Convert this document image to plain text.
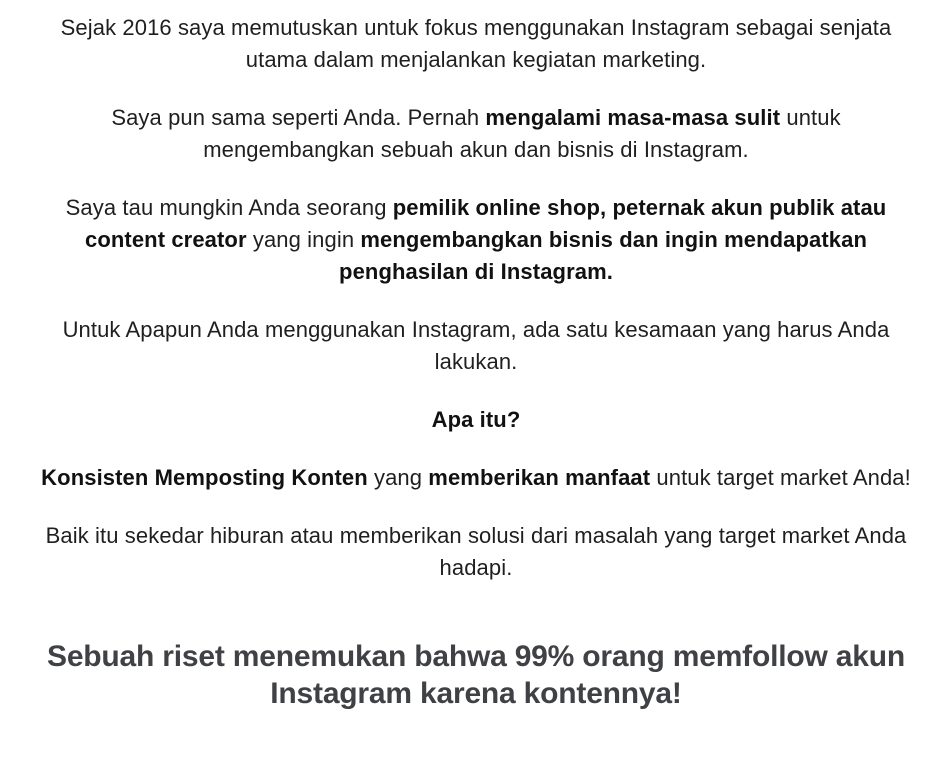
Sejak 2016 saya memutuskan untuk fokus menggunakan Instagram sebagai senjata utama dalam menjalankan kegiatan marketing.

Saya pun sama seperti Anda. Pernah mengalami masa-masa sulit untuk mengembangkan sebuah akun dan bisnis di Instagram.

Saya tau mungkin Anda seorang pemilik online shop, peternak akun publik atau content creator yang ingin mengembangkan bisnis dan ingin mendapatkan penghasilan di Instagram.

Untuk Apapun Anda menggunakan Instagram, ada satu kesamaan yang harus Anda lakukan.

Apa itu?

Konsisten Memposting Konten yang memberikan manfaat untuk target market Anda!

Baik itu sekedar hiburan atau memberikan solusi dari masalah yang target market Anda hadapi.

Sebuah riset menemukan bahwa 99% orang memfollow akun Instagram karena kontennya!
